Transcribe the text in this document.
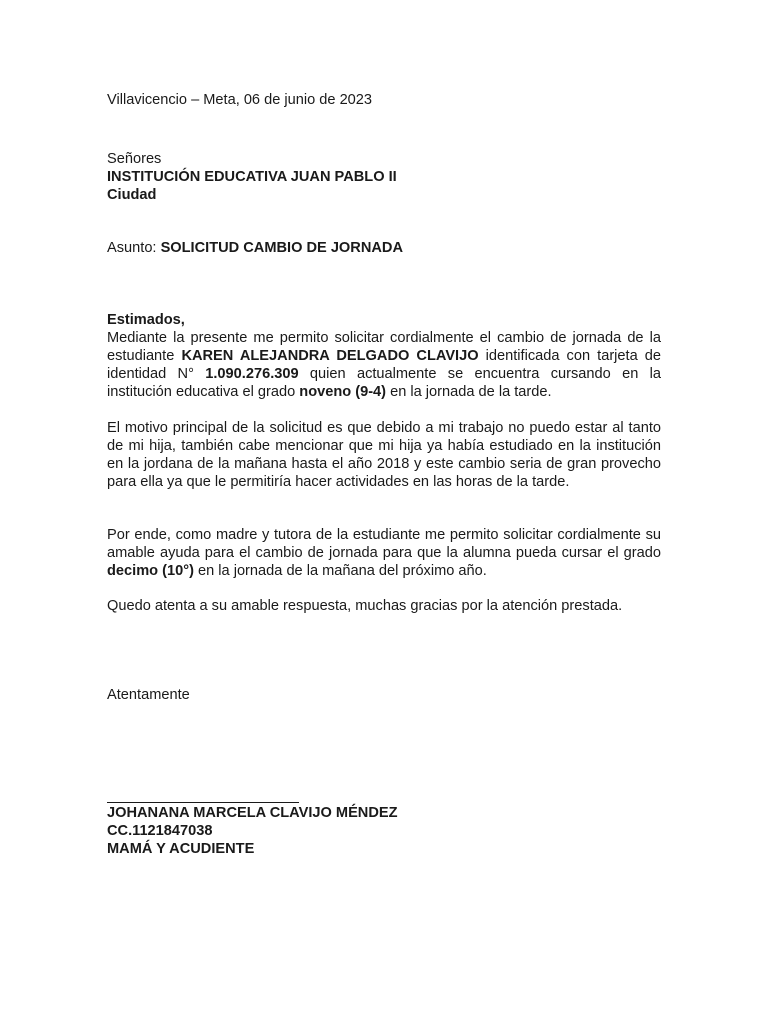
Villavicencio – Meta, 06 de junio de 2023

Señores

INSTITUCIÓN EDUCATIVA JUAN PABLO II

Ciudad

Asunto: SOLICITUD CAMBIO DE JORNADA

Estimados,

Mediante la presente me permito solicitar cordialmente el cambio de jornada de la estudiante KAREN ALEJANDRA DELGADO CLAVIJO identificada con tarjeta de identidad N° 1.090.276.309 quien actualmente se encuentra cursando en la institución educativa el grado noveno (9-4) en la jornada de la tarde.

El motivo principal de la solicitud es que debido a mi trabajo no puedo estar al tanto de mi hija, también cabe mencionar que mi hija ya había estudiado en la institución en la jordana de la mañana hasta el año 2018 y este cambio seria de gran provecho para ella ya que le permitiría hacer actividades en las horas de la tarde.

Por ende, como madre y tutora de la estudiante me permito solicitar cordialmente su amable ayuda para el cambio de jornada para que la alumna pueda cursar el grado decimo (10°) en la jornada de la mañana del próximo año.

Quedo atenta a su amable respuesta, muchas gracias por la atención prestada.

Atentamente

JOHANANA MARCELA CLAVIJO MÉNDEZ

CC.1121847038

MAMÁ Y ACUDIENTE
